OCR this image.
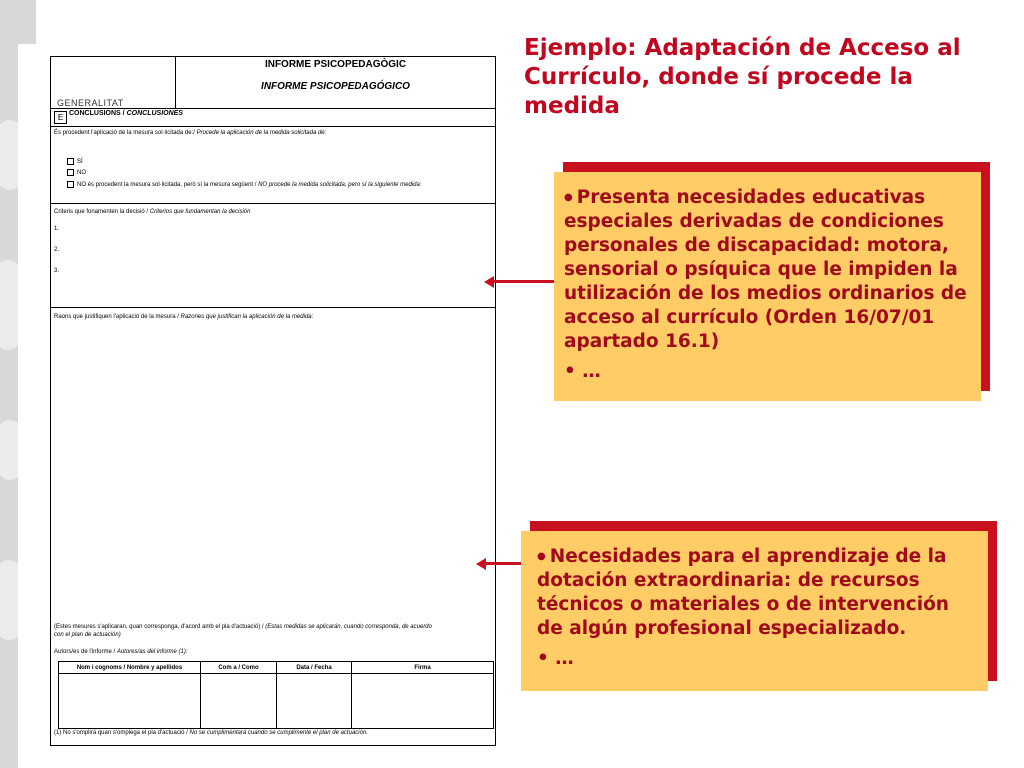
GENERALITAT
INFORME PSICOPEDAGÒGIC
INFORME PSICOPEDAGÓGICO
E CONCLUSIONS / CONCLUSIONES
És procedent l'aplicació de la mesura sol·licitada de:/ Procede la aplicación de la medida solicitada de:
SÍ
NO
NO és procedent la mesura sol·licitada, però sí la mesura següent / NO procede la medida solicitada, pero sí la siguiente medida:
Criteris que fonamenten la decisió / Criterios que fundamentan la decisión
1.
2.
3.
Raons que justifiquen l'aplicació de la mesura / Razones que justifican la aplicación de la medida:
(Estes mesures s'aplicaran, quan corresponga, d'acord amb el pla d'actuació) / (Estas medidas se aplicarán, cuando corresponda, de acuerdo
con el plan de actuación)
Autors/es de l'informe / Autores/as del informe (1):
Nom i cognoms / Nombre y apellidos	Com a / Como	Data / Fecha	Firma

(1) No s'omplirà quan s'omplega el pla d'actuació / No se cumplimentará cuando se cumplimente el plan de actuación.
Ejemplo: Adaptación de Acceso al Currículo, donde sí procede la medida

● Presenta necesidades educativas especiales derivadas de condiciones personales de discapacidad: motora, sensorial o psíquica que le impiden la utilización de los medios ordinarios de acceso al currículo (Orden 16/07/01 apartado 16.1)

• …

● Necesidades para el aprendizaje de la dotación extraordinaria: de recursos técnicos o materiales o de intervención de algún profesional especializado.

• …
